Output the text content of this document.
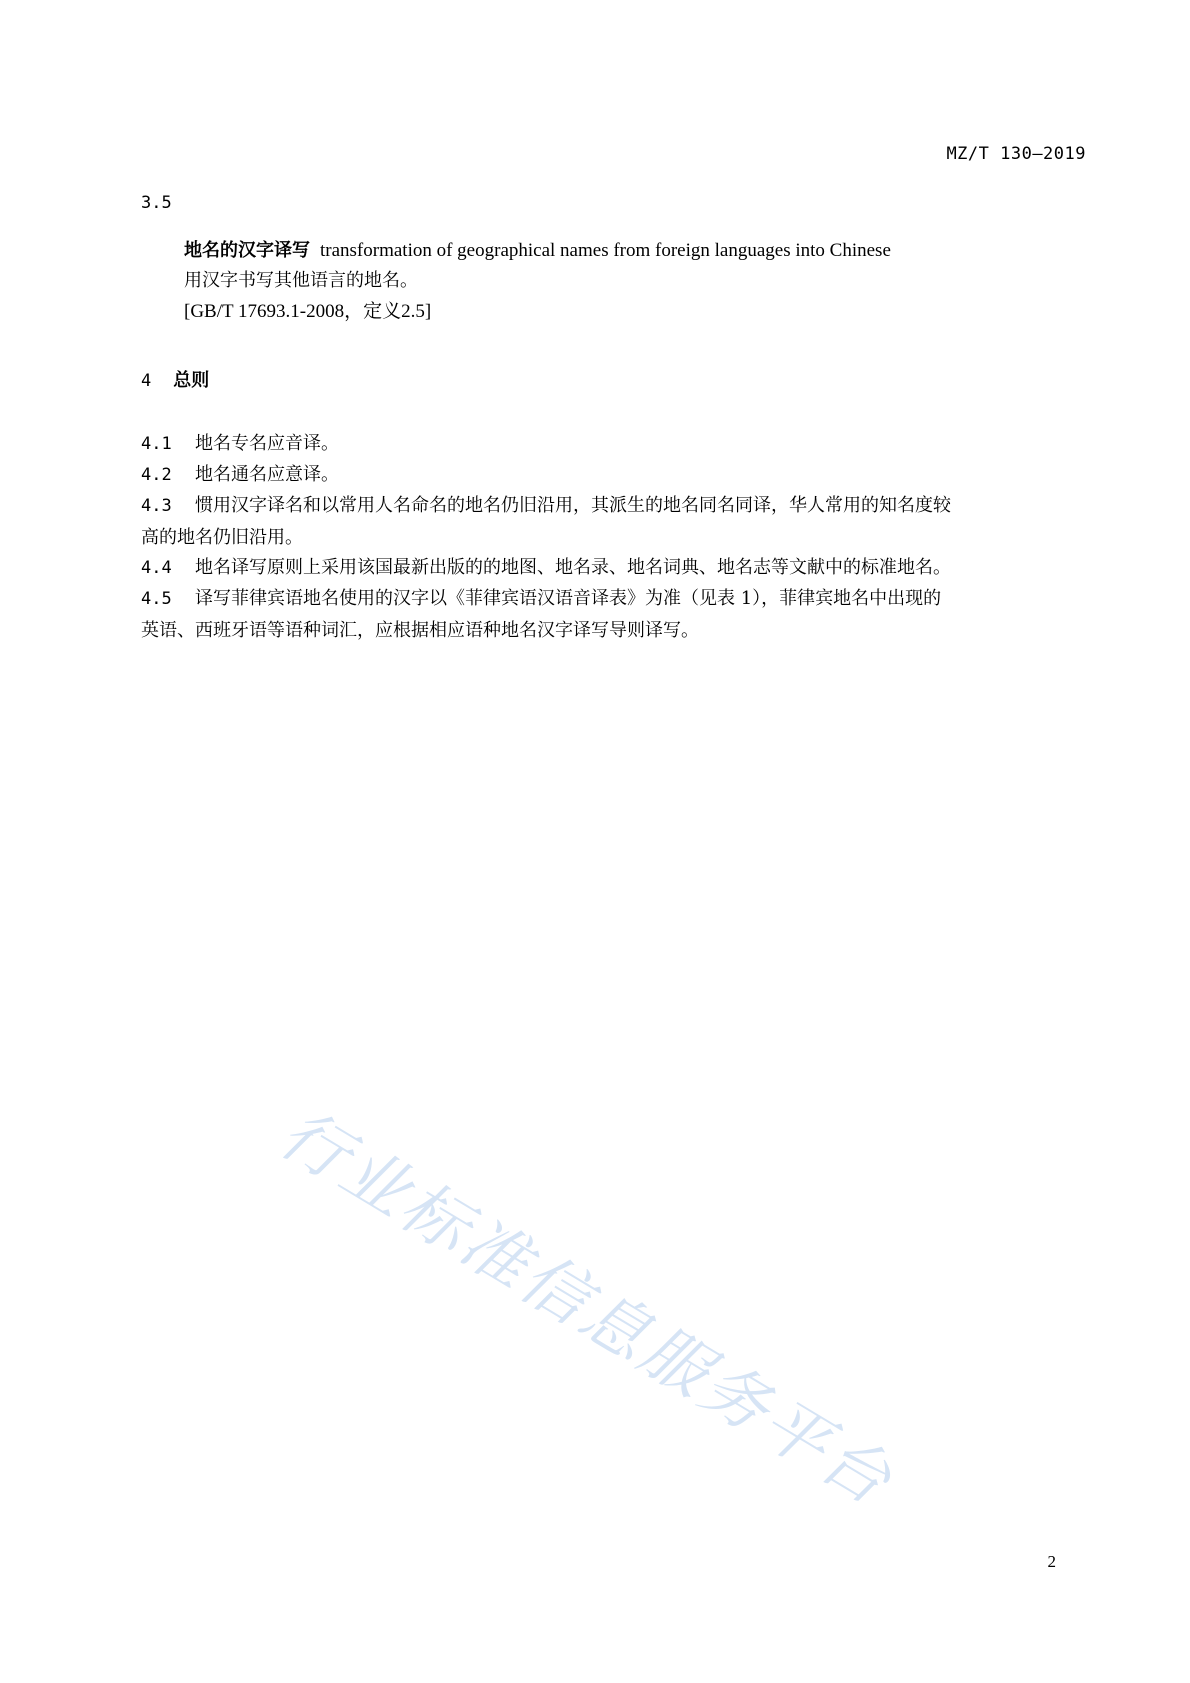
MZ/T 130—2019
3.5
地名的汉字译写 transformation of geographical names from foreign languages into Chinese
用汉字书写其他语言的地名。
[GB/T 17693.1-2008，定义2.5]
4 总则
4.1 地名专名应音译。
4.2 地名通名应意译。
4.3 惯用汉字译名和以常用人名命名的地名仍旧沿用，其派生的地名同名同译，华人常用的知名度较
高的地名仍旧沿用。
4.4 地名译写原则上采用该国最新出版的的地图、地名录、地名词典、地名志等文献中的标准地名。
4.5 译写菲律宾语地名使用的汉字以《菲律宾语汉语音译表》为准（见表 1），菲律宾地名中出现的
英语、西班牙语等语种词汇，应根据相应语种地名汉字译写导则译写。
行业标准信息服务平台
2
